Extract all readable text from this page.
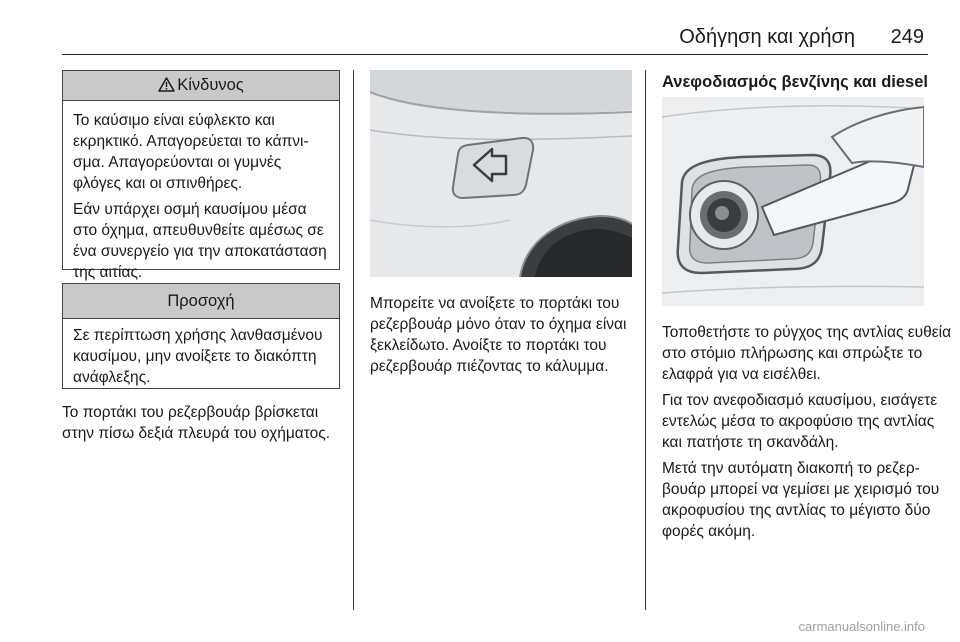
Οδήγηση και χρήση 249
Κίνδυνος

Το καύσιμο είναι εύφλεκτο και εκρηκτικό. Απαγορεύεται το κάπνισμα. Απαγορεύονται οι γυμνές φλόγες και οι σπινθήρες.

Εάν υπάρχει οσμή καυσίμου μέσα στο όχημα, απευθυνθείτε αμέσως σε ένα συνεργείο για την αποκατάσταση της αιτίας.

Προσοχή

Σε περίπτωση χρήσης λανθασμένου καυσίμου, μην ανοίξετε το διακόπτη ανάφλεξης.

Το πορτάκι του ρεζερβουάρ βρίσκεται στην πίσω δεξιά πλευρά του οχήματος.

Μπορείτε να ανοίξετε το πορτάκι του ρεζερβουάρ μόνο όταν το όχημα είναι ξεκλείδωτο. Ανοίξτε το πορτάκι του ρεζερβουάρ πιέζοντας το κάλυμμα.

Ανεφοδιασμός βενζίνης και diesel

Τοποθετήστε το ρύγχος της αντλίας ευθεία στο στόμιο πλήρωσης και σπρώξτε το ελαφρά για να εισέλθει.

Για τον ανεφοδιασμό καυσίμου, εισάγετε εντελώς μέσα το ακροφύσιο της αντλίας και πατήστε τη σκανδάλη.

Μετά την αυτόματη διακοπή το ρεζερβουάρ μπορεί να γεμίσει με χειρισμό του ακροφυσίου της αντλίας το μέγιστο δύο φορές ακόμη.

carmanualsonline.info
